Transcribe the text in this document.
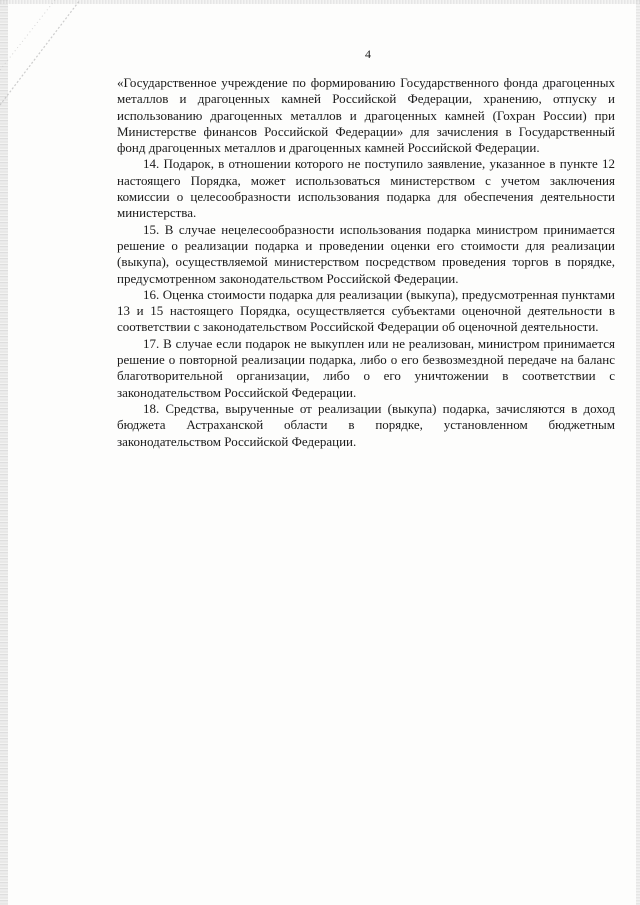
4

«Государственное учреждение по формированию Государственного фонда драгоценных металлов и драгоценных камней Российской Федерации, хранению, отпуску и использованию драгоценных металлов и драгоценных камней (Гохран России) при Министерстве финансов Российской Федерации» для зачисления в Государственный фонд драгоценных металлов и драгоценных камней Российской Федерации.

14. Подарок, в отношении которого не поступило заявление, указанное в пункте 12 настоящего Порядка, может использоваться министерством с учетом заключения комиссии о целесообразности использования подарка для обеспечения деятельности министерства.

15. В случае нецелесообразности использования подарка министром принимается решение о реализации подарка и проведении оценки его стоимости для реализации (выкупа), осуществляемой министерством посредством проведения торгов в порядке, предусмотренном законодательством Российской Федерации.

16. Оценка стоимости подарка для реализации (выкупа), предусмотренная пунктами 13 и 15 настоящего Порядка, осуществляется субъектами оценочной деятельности в соответствии с законодательством Российской Федерации об оценочной деятельности.

17. В случае если подарок не выкуплен или не реализован, министром принимается решение о повторной реализации подарка, либо о его безвозмездной передаче на баланс благотворительной организации, либо о его уничтожении в соответствии с законодательством Российской Федерации.

18. Средства, вырученные от реализации (выкупа) подарка, зачисляются в доход бюджета Астраханской области в порядке, установленном бюджетным законодательством Российской Федерации.
